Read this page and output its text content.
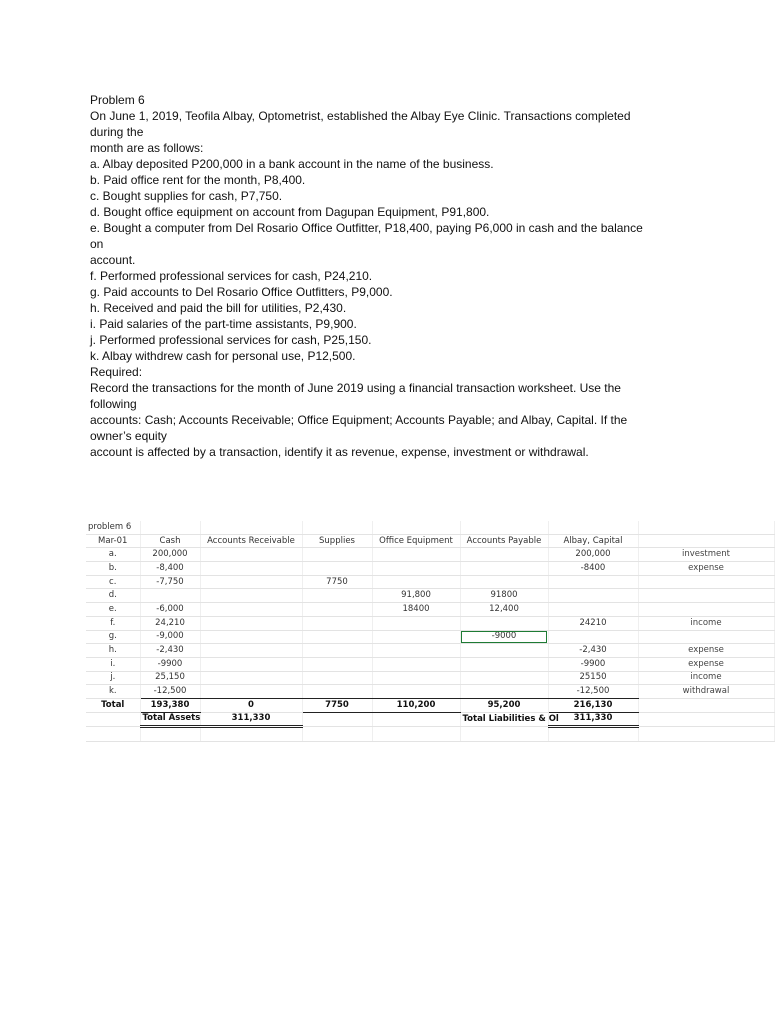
Problem 6
On June 1, 2019, Teofila Albay, Optometrist, established the Albay Eye Clinic. Transactions completed
during the
month are as follows:
a. Albay deposited P200,000 in a bank account in the name of the business.
b. Paid office rent for the month, P8,400.
c. Bought supplies for cash, P7,750.
d. Bought office equipment on account from Dagupan Equipment, P91,800.
e. Bought a computer from Del Rosario Office Outfitter, P18,400, paying P6,000 in cash and the balance
on
account.
f. Performed professional services for cash, P24,210.
g. Paid accounts to Del Rosario Office Outfitters, P9,000.
h. Received and paid the bill for utilities, P2,430.
i. Paid salaries of the part-time assistants, P9,900.
j. Performed professional services for cash, P25,150.
k. Albay withdrew cash for personal use, P12,500.
Required:
Record the transactions for the month of June 2019 using a financial transaction worksheet. Use the
following
accounts: Cash; Accounts Receivable; Office Equipment; Accounts Payable; and Albay, Capital. If the
owner’s equity
account is affected by a transaction, identify it as revenue, expense, investment or withdrawal.
problem 6							
Mar-01	Cash	Accounts Receivable	Supplies	Office Equipment	Accounts Payable	Albay, Capital	
a.	200,000					200,000	investment
b.	-8,400					-8400	expense
c.	-7,750		7750				
d.				91,800	91800		
e.	-6,000			18400	12,400		
f.	24,210					24210	income
g.	-9,000				-9000		
h.	-2,430					-2,430	expense
i.	-9900					-9900	expense
j.	25,150					25150	income
k.	-12,500					-12,500	withdrawal
Total	193,380	0	7750	110,200	95,200	216,130	
	Total Assets	311,330			Total Liabilities & Ol	311,330	
